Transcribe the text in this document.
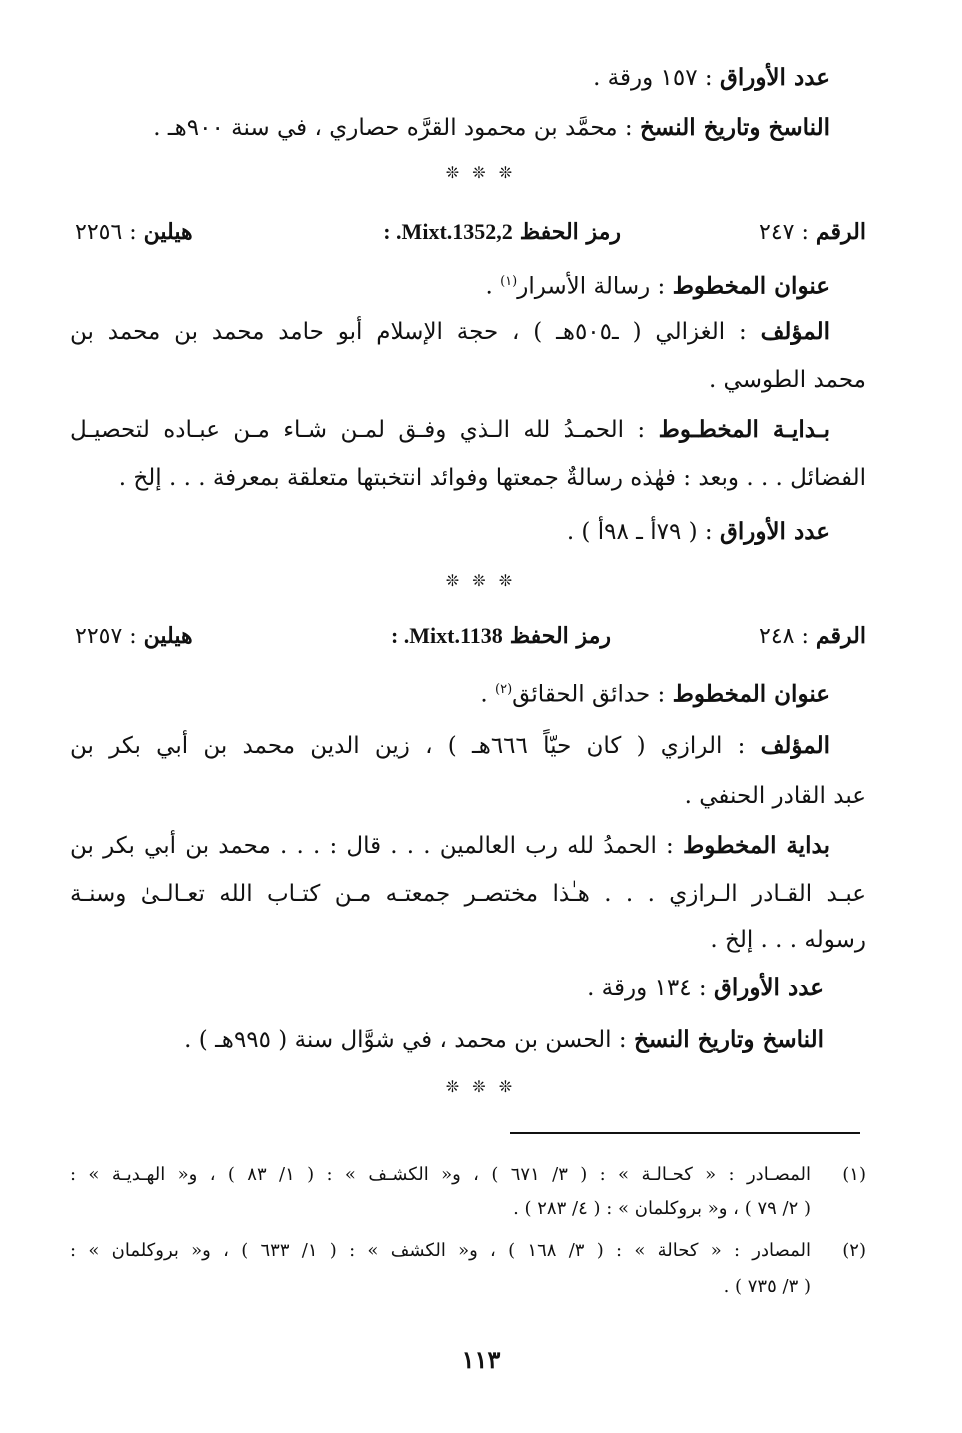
عدد الأوراق : ١٥٧ ورقة .
الناسخ وتاريخ النسخ : محمَّد بن محمود القرَّه حصاري ، في سنة ٩٠٠هـ .
❊ ❊ ❊
الرقم : ٢٤٧
رمز الحفظ : .Mixt.1352,2
هيلين : ٢٢٥٦
عنوان المخطوط : رسالة الأسرار$^{(١)}$ .
المؤلف : الغزالي ( ـ٥٠٥هـ ) ، حجة الإسلام أبو حامد محمد بن محمد بن
محمد الطوسي .
بـدايـة المخطـوط : الحمـدُ لله الـذي وفـق لمـن شـاء مـن عبـاده لتحصيـل
الفضائل . . . وبعد : فهٰذه رسالةٌ جمعتها وفوائد انتخبتها متعلقة بمعرفة . . . إلخ .
عدد الأوراق : ( ٧٩أ ـ ٩٨أ ) .
❊ ❊ ❊
الرقم : ٢٤٨
رمز الحفظ : .Mixt.1138
هيلين : ٢٢٥٧
عنوان المخطوط : حدائق الحقائق$^{(٢)}$ .
المؤلف : الرازي ( كان حيّاً ٦٦٦هـ ) ، زين الدين محمد بن أبي بكر بن
عبد القادر الحنفي .
بداية المخطوط : الحمدُ لله رب العالمين . . . قال : . . . محمد بن أبي بكر بن
عبـد القـادر الـرازي . . . هـٰذا مختصـر جمعتـه مـن كتـاب الله تعـالـىٰ وسنـة
رسوله . . . إلخ .
عدد الأوراق : ١٣٤ ورقة .
الناسخ وتاريخ النسخ : الحسن بن محمد ، في شوَّال سنة ( ٩٩٥هـ ) .
❊ ❊ ❊
(١)
المصـادر : « كحـالـة » : ( ٣/ ٦٧١ ) ، و« الكشـف » : ( ١/ ٨٣ ) ، و« الهـديـة » :
( ٢/ ٧٩ ) ، و« بروكلمان » : ( ٤/ ٢٨٣ ) .
(٢)
المصادر : « كحالة » : ( ٣/ ١٦٨ ) ، و« الكشف » : ( ١/ ٦٣٣ ) ، و« بروكلمان » :
( ٣/ ٧٣٥ ) .
١١٣
